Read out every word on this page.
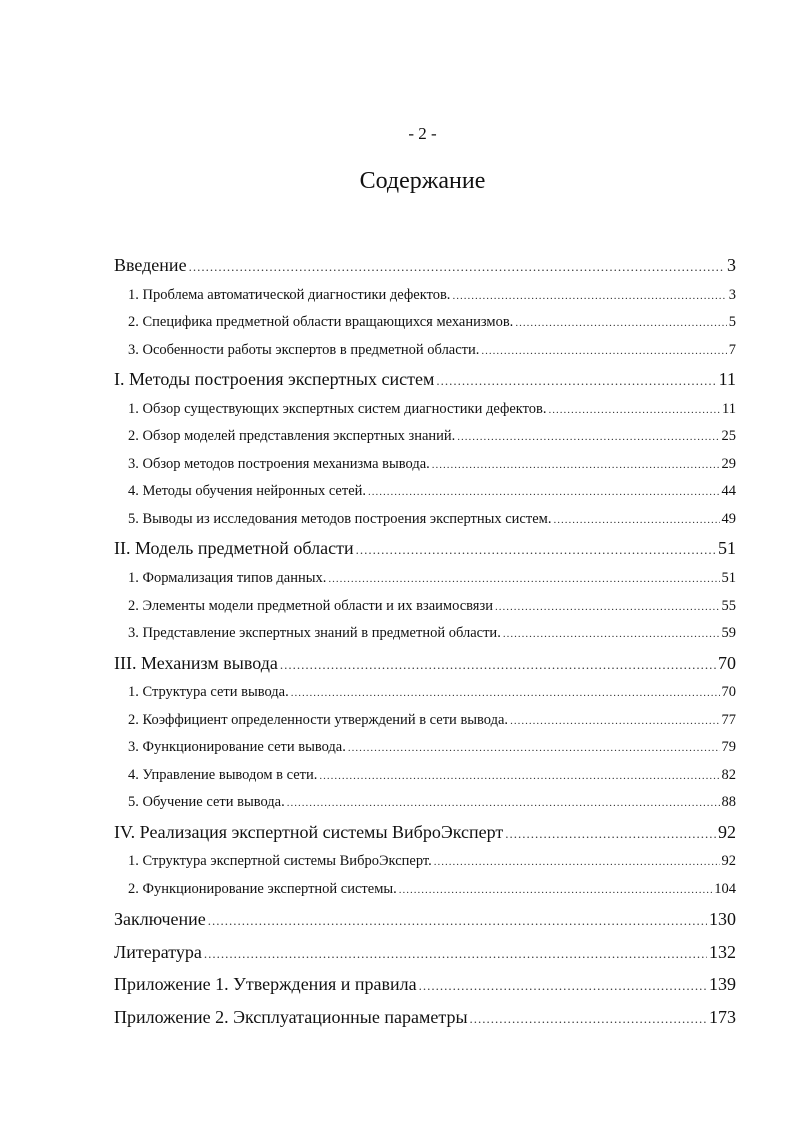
- 2 -
Содержание
Введение .....	3
1. Проблема автоматической диагностики дефектов. .....	3
2. Специфика предметной области вращающихся механизмов. .....	5
3. Особенности работы экспертов в предметной области. .....	7
I. Методы построения экспертных систем .....	11
1. Обзор существующих экспертных систем диагностики дефектов. .....	11
2. Обзор моделей представления экспертных знаний. .....	25
3. Обзор методов построения механизма вывода. .....	29
4. Методы обучения нейронных сетей. .....	44
5. Выводы из исследования методов построения экспертных систем. .....	49
II. Модель предметной области .....	51
1. Формализация типов данных. .....	51
2. Элементы модели предметной области и их взаимосвязи .....	55
3. Представление экспертных знаний в предметной области. .....	59
III. Механизм вывода .....	70
1. Структура сети вывода. .....	70
2. Коэффициент определенности утверждений в сети вывода. .....	77
3. Функционирование сети вывода. .....	79
4. Управление выводом в сети. .....	82
5. Обучение сети вывода. .....	88
IV. Реализация экспертной системы ВиброЭксперт .....	92
1. Структура экспертной системы ВиброЭксперт. .....	92
2. Функционирование экспертной системы. .....	104
Заключение .....	130
Литература .....	132
Приложение 1. Утверждения и правила .....	139
Приложение 2. Эксплуатационные параметры .....	173
